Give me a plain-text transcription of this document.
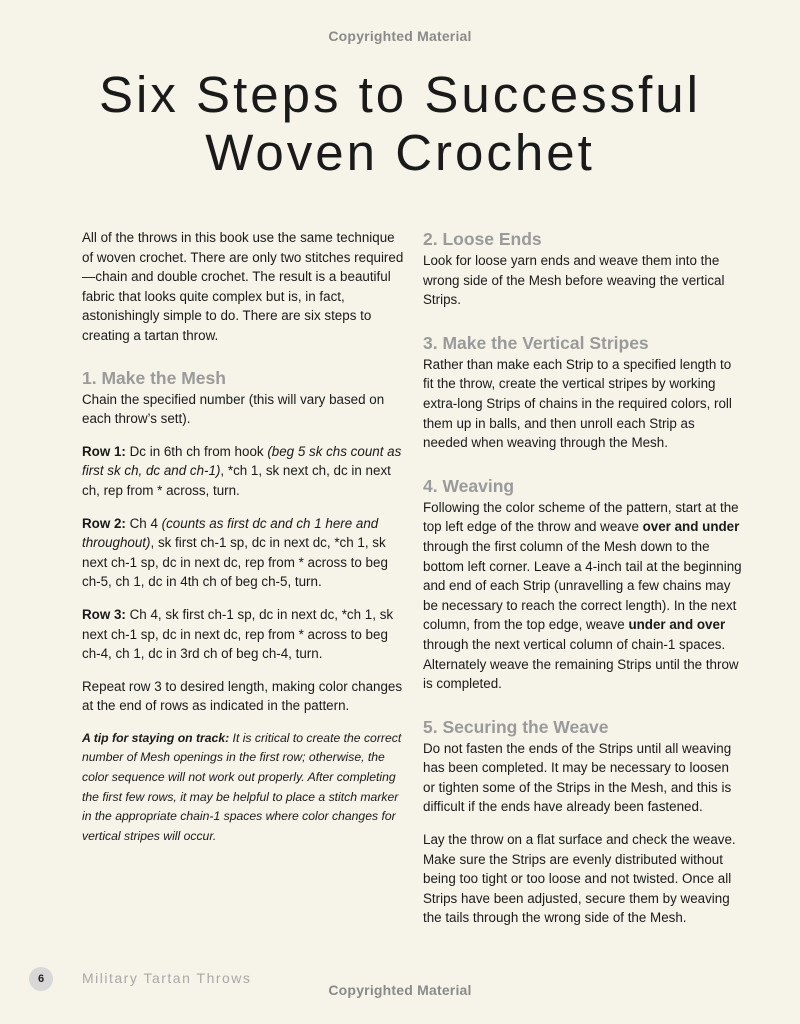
Copyrighted Material
Six Steps to Successful
Woven Crochet

All of the throws in this book use the same technique of woven crochet. There are only two stitches required—chain and double crochet. The result is a beautiful fabric that looks quite complex but is, in fact, astonishingly simple to do. There are six steps to creating a tartan throw.

1. Make the Mesh

Chain the specified number (this will vary based on each throw’s sett).

Row 1: Dc in 6th ch from hook (beg 5 sk chs count as first sk ch, dc and ch-1), *ch 1, sk next ch, dc in next ch, rep from * across, turn.

Row 2: Ch 4 (counts as first dc and ch 1 here and throughout), sk first ch-1 sp, dc in next dc, *ch 1, sk next ch-1 sp, dc in next dc, rep from * across to beg ch-5, ch 1, dc in 4th ch of beg ch-5, turn.

Row 3: Ch 4, sk first ch-1 sp, dc in next dc, *ch 1, sk next ch-1 sp, dc in next dc, rep from * across to beg ch-4, ch 1, dc in 3rd ch of beg ch-4, turn.

Repeat row 3 to desired length, making color changes at the end of rows as indicated in the pattern.

A tip for staying on track: It is critical to create the correct number of Mesh openings in the first row; otherwise, the color sequence will not work out properly. After completing the first few rows, it may be helpful to place a stitch marker in the appropriate chain-1 spaces where color changes for vertical stripes will occur.

2. Loose Ends

Look for loose yarn ends and weave them into the wrong side of the Mesh before weaving the vertical Strips.

3. Make the Vertical Stripes

Rather than make each Strip to a specified length to fit the throw, create the vertical stripes by working extra-long Strips of chains in the required colors, roll them up in balls, and then unroll each Strip as needed when weaving through the Mesh.

4. Weaving

Following the color scheme of the pattern, start at the top left edge of the throw and weave over and under through the first column of the Mesh down to the bottom left corner. Leave a 4-inch tail at the beginning and end of each Strip (unravelling a few chains may be necessary to reach the correct length). In the next column, from the top edge, weave under and over through the next vertical column of chain-1 spaces. Alternately weave the remaining Strips until the throw is completed.

5. Securing the Weave

Do not fasten the ends of the Strips until all weaving has been completed. It may be necessary to loosen or tighten some of the Strips in the Mesh, and this is difficult if the ends have already been fastened.

Lay the throw on a flat surface and check the weave. Make sure the Strips are evenly distributed without being too tight or too loose and not twisted. Once all Strips have been adjusted, secure them by weaving the tails through the wrong side of the Mesh.

6	Military Tartan Throws
Copyrighted Material
